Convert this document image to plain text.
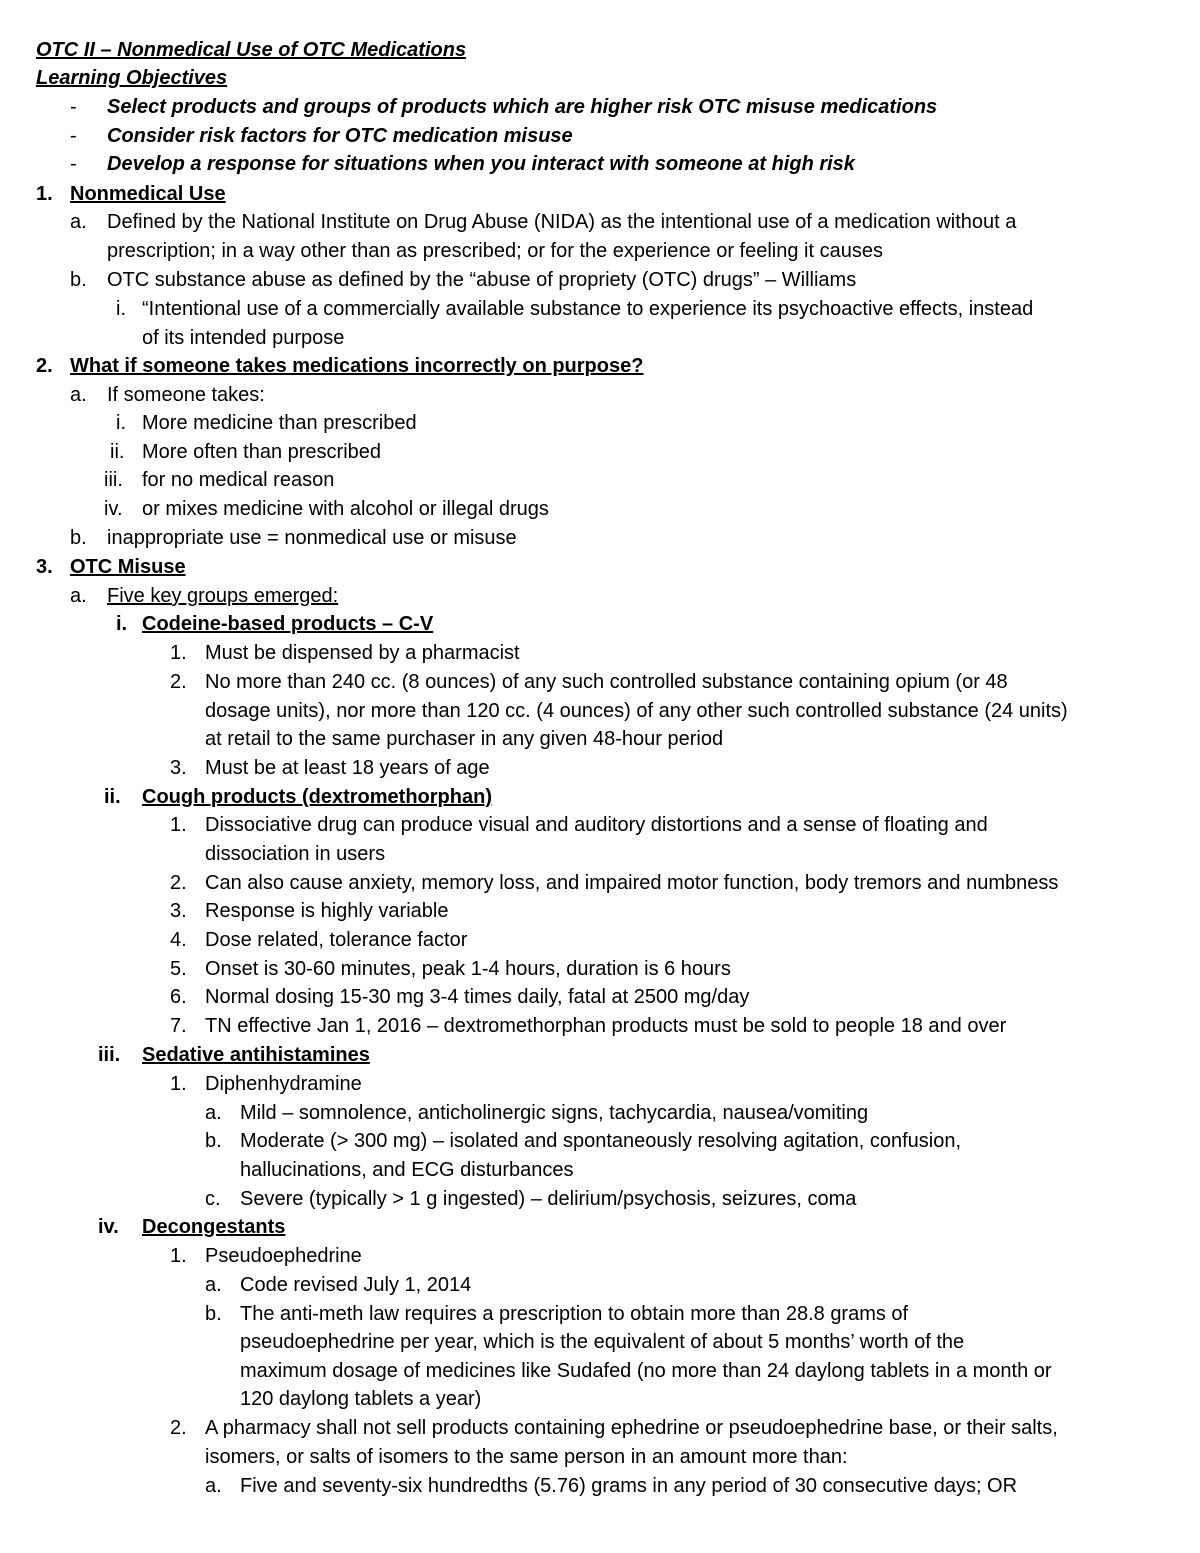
OTC II – Nonmedical Use of OTC Medications
Learning Objectives
- Select products and groups of products which are higher risk OTC misuse medications
- Consider risk factors for OTC medication misuse
- Develop a response for situations when you interact with someone at high risk
1. Nonmedical Use
a. Defined by the National Institute on Drug Abuse (NIDA) as the intentional use of a medication without a
prescription; in a way other than as prescribed; or for the experience or feeling it causes
b. OTC substance abuse as defined by the “abuse of propriety (OTC) drugs” – Williams
i. “Intentional use of a commercially available substance to experience its psychoactive effects, instead
of its intended purpose
2. What if someone takes medications incorrectly on purpose?
a. If someone takes:
i. More medicine than prescribed
ii. More often than prescribed
iii. for no medical reason
iv. or mixes medicine with alcohol or illegal drugs
b. inappropriate use = nonmedical use or misuse
3. OTC Misuse
a. Five key groups emerged:
i. Codeine-based products – C-V
1. Must be dispensed by a pharmacist
2. No more than 240 cc. (8 ounces) of any such controlled substance containing opium (or 48
dosage units), nor more than 120 cc. (4 ounces) of any other such controlled substance (24 units)
at retail to the same purchaser in any given 48-hour period
3. Must be at least 18 years of age
ii. Cough products (dextromethorphan)
1. Dissociative drug can produce visual and auditory distortions and a sense of floating and
dissociation in users
2. Can also cause anxiety, memory loss, and impaired motor function, body tremors and numbness
3. Response is highly variable
4. Dose related, tolerance factor
5. Onset is 30-60 minutes, peak 1-4 hours, duration is 6 hours
6. Normal dosing 15-30 mg 3-4 times daily, fatal at 2500 mg/day
7. TN effective Jan 1, 2016 – dextromethorphan products must be sold to people 18 and over
iii. Sedative antihistamines
1. Diphenhydramine
a. Mild – somnolence, anticholinergic signs, tachycardia, nausea/vomiting
b. Moderate (> 300 mg) – isolated and spontaneously resolving agitation, confusion,
hallucinations, and ECG disturbances
c. Severe (typically > 1 g ingested) – delirium/psychosis, seizures, coma
iv. Decongestants
1. Pseudoephedrine
a. Code revised July 1, 2014
b. The anti-meth law requires a prescription to obtain more than 28.8 grams of
pseudoephedrine per year, which is the equivalent of about 5 months’ worth of the
maximum dosage of medicines like Sudafed (no more than 24 daylong tablets in a month or
120 daylong tablets a year)
2. A pharmacy shall not sell products containing ephedrine or pseudoephedrine base, or their salts,
isomers, or salts of isomers to the same person in an amount more than:
a. Five and seventy-six hundredths (5.76) grams in any period of 30 consecutive days; OR
